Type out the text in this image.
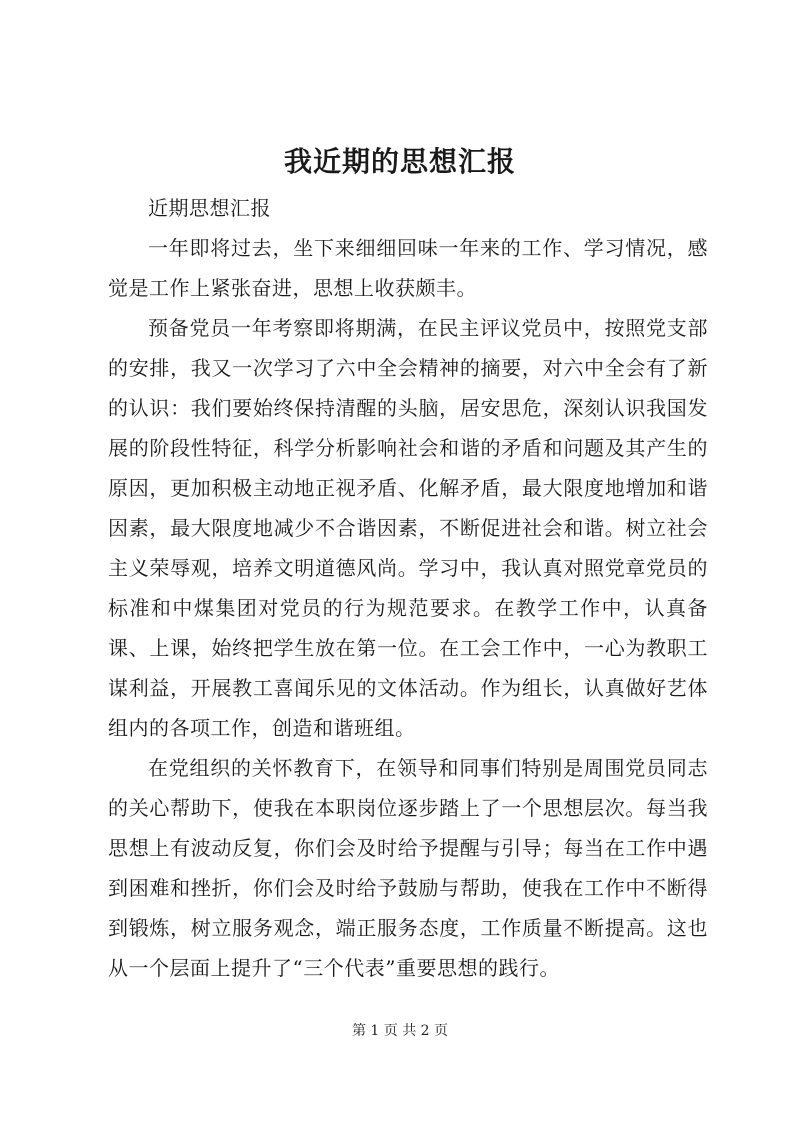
我近期的思想汇报

近期思想汇报

一年即将过去，坐下来细细回味一年来的工作、学习情况，感觉是工作上紧张奋进，思想上收获颇丰。

预备党员一年考察即将期满，在民主评议党员中，按照党支部的安排，我又一次学习了六中全会精神的摘要，对六中全会有了新的认识：我们要始终保持清醒的头脑，居安思危，深刻认识我国发展的阶段性特征，科学分析影响社会和谐的矛盾和问题及其产生的原因，更加积极主动地正视矛盾、化解矛盾，最大限度地增加和谐因素，最大限度地减少不合谐因素，不断促进社会和谐。树立社会主义荣辱观，培养文明道德风尚。学习中，我认真对照党章党员的标准和中煤集团对党员的行为规范要求。在教学工作中，认真备课、上课，始终把学生放在第一位。在工会工作中，一心为教职工谋利益，开展教工喜闻乐见的文体活动。作为组长，认真做好艺体组内的各项工作，创造和谐班组。

在党组织的关怀教育下，在领导和同事们特别是周围党员同志的关心帮助下，使我在本职岗位逐步踏上了一个思想层次。每当我思想上有波动反复，你们会及时给予提醒与引导；每当在工作中遇到困难和挫折，你们会及时给予鼓励与帮助，使我在工作中不断得到锻炼，树立服务观念，端正服务态度，工作质量不断提高。这也从一个层面上提升了“三个代表”重要思想的践行。

第 1 页 共 2 页
